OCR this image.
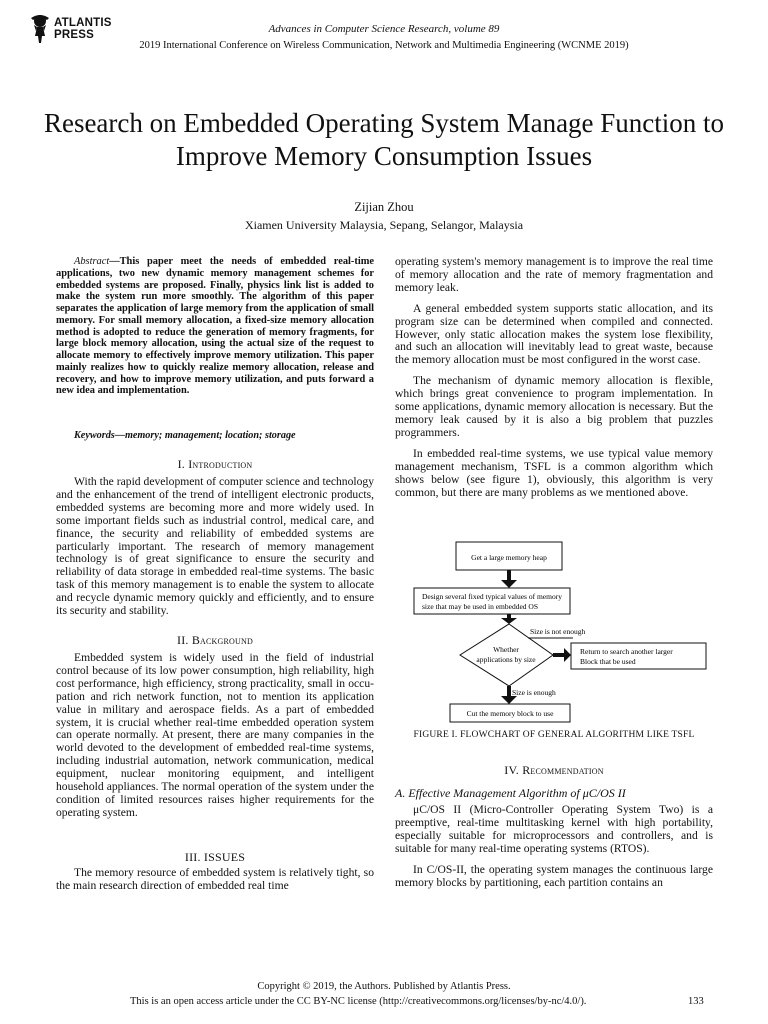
ATLANTIS
PRESS	Advances in Computer Science Research, volume 89
2019 International Conference on Wireless Communication, Network and Multimedia Engineering (WCNME 2019)
Research on Embedded Operating System Manage Function to Improve Memory Consumption Issues
Zijian Zhou
Xiamen University Malaysia, Sepang, Selangor, Malaysia

Abstract—This paper meet the needs of embedded real-time applications, two new dynamic memory management schemes for embedded systems are proposed. Finally, physics link list is added to make the system run more smoothly. The algorithm of this paper separates the application of large memory from the application of small memory. For small memory allocation, a fixed-size memory allocation method is adopted to reduce the generation of memory fragments, for large block memory allocation, using the actual size of the request to allocate memory to effectively improve memory utilization. This paper mainly realizes how to quickly realize memory allocation, release and recovery, and how to improve memory utilization, and puts forward a new idea and implementation.

Keywords—memory; management; location; storage

I. Introduction

With the rapid development of computer science and technology and the enhancement of the trend of intelligent electronic products, embedded systems are becoming more and more widely used. In some important fields such as industrial control, medical care, and finance, the security and reliability of embedded systems are particularly important. The research of memory management technology is of great significance to ensure the security and reliability of data storage in embedded real-time systems. The basic task of this memory management is to enable the system to allocate and recycle dynamic memory quickly and efficiently, and to ensure its security and stability.

II. Background

Embedded system is widely used in the field of industrial control because of its low power consumption, high reliability, high cost performance, high efficiency, strong practicality, small in occu- pation and rich network function, not to mention its application value in military and aerospace fields. As a part of embedded system, it is crucial whether real-time embedded operation system can operate normally. At present, there are many companies in the world devoted to the development of embedded real-time systems, including industrial automation, network communication, medical equipment, nuclear monitoring equipment, and intelligent household appliances. The normal operation of the system under the condition of limited resources raises higher requirements for the operating system.

III. ISSUES

The memory resource of embedded system is relatively tight, so the main research direction of embedded real time

operating system's memory management is to improve the real time of memory allocation and the rate of memory fragmentation and memory leak.

A general embedded system supports static allocation, and its program size can be determined when compiled and connected. However, only static allocation makes the system lose flexibility, and such an allocation will inevitably lead to great waste, because the memory allocation must be most configured in the worst case.

The mechanism of dynamic memory allocation is flexible, which brings great convenience to program implementation. In some applications, dynamic memory allocation is necessary. But the memory leak caused by it is also a big problem that puzzles programmers.

In embedded real-time systems, we use typical value memory management mechanism, TSFL is a common algorithm which shows below (see figure 1), obviously, this algorithm is very common, but there are many problems as we mentioned above.

Get a large memory heap
Design several fixed typical values of memory
size that may be used in embedded OS
Whether
applications by size
Size is not enough
Return to search another larger
Block that be used
Size is enough
Cut the memory block to use
FIGURE I. FLOWCHART OF GENERAL ALGORITHM LIKE TSFL
IV. Recommendation
A. Effective Management Algorithm of μC/OS II

μC/OS II (Micro-Controller Operating System Two) is a preemptive, real-time multitasking kernel with high portability, especially suitable for microprocessors and controllers, and is suitable for many real-time operating systems (RTOS).

In C/OS-II, the operating system manages the continuous large memory blocks by partitioning, each partition contains an

Copyright © 2019, the Authors. Published by Atlantis Press.
This is an open access article under the CC BY-NC license (http://creativecommons.org/licenses/by-nc/4.0/).	133
